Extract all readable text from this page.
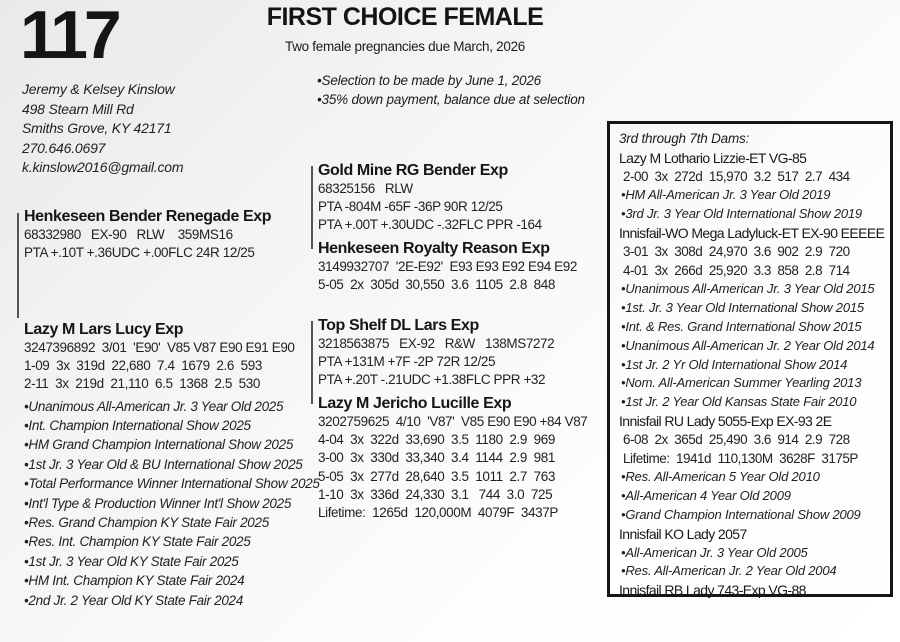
117
Jeremy & Kelsey Kinslow
498 Stearn Mill Rd
Smiths Grove, KY 42171
270.646.0697
k.kinslow2016@gmail.com
FIRST CHOICE FEMALE
Two female pregnancies due March, 2026
•Selection to be made by June 1, 2026
•35% down payment, balance due at selection
Henkeseen Bender Renegade Exp
68332980   EX-90   RLW    359MS16
PTA +.10T +.36UDC +.00FLC 24R 12/25
Lazy M Lars Lucy Exp
3247396892  3/01  'E90'  V85 V87 E90 E91 E90
1-09  3x  319d  22,680  7.4  1679  2.6  593
2-11  3x  219d  21,110  6.5  1368  2.5  530
•Unanimous All-American Jr. 3 Year Old 2025
•Int. Champion International Show 2025
•HM Grand Champion International Show 2025
•1st Jr. 3 Year Old & BU International Show 2025
•Total Performance Winner International Show 2025
•Int'l Type & Production Winner Int'l Show 2025
•Res. Grand Champion KY State Fair 2025
•Res. Int. Champion KY State Fair 2025
•1st Jr. 3 Year Old KY State Fair 2025
•HM Int. Champion KY State Fair 2024
•2nd Jr. 2 Year Old KY State Fair 2024
Gold Mine RG Bender Exp
68325156   RLW
PTA -804M -65F -36P 90R 12/25
PTA +.00T +.30UDC -.32FLC PPR -164
Henkeseen Royalty Reason Exp
3149932707  '2E-E92'  E93 E93 E92 E94 E92
5-05  2x  305d  30,550  3.6  1105  2.8  848
Top Shelf DL Lars Exp
3218563875   EX-92   R&W   138MS7272
PTA +131M +7F -2P 72R 12/25
PTA +.20T -.21UDC +1.38FLC PPR +32
Lazy M Jericho Lucille Exp
3202759625  4/10  'V87'  V85 E90 E90 +84 V87
4-04  3x  322d  33,690  3.5  1180  2.9  969
3-00  3x  330d  33,340  3.4  1144  2.9  981
5-05  3x  277d  28,640  3.5  1011  2.7  763
1-10  3x  336d  24,330  3.1   744  3.0  725
Lifetime:  1265d  120,000M  4079F  3437P
3rd through 7th Dams:
Lazy M Lothario Lizzie-ET VG-85
2-00  3x  272d  15,970  3.2  517  2.7  434
•HM All-American Jr. 3 Year Old 2019
•3rd Jr. 3 Year Old International Show 2019
Innisfail-WO Mega Ladyluck-ET EX-90 EEEEE
3-01  3x  308d  24,970  3.6  902  2.9  720
4-01  3x  266d  25,920  3.3  858  2.8  714
•Unanimous All-American Jr. 3 Year Old 2015
•1st. Jr. 3 Year Old International Show 2015
•Int. & Res. Grand International Show 2015
•Unanimous All-American Jr. 2 Year Old 2014
•1st Jr. 2 Yr Old International Show 2014
•Nom. All-American Summer Yearling 2013
•1st Jr. 2 Year Old Kansas State Fair 2010
Innisfail RU Lady 5055-Exp EX-93 2E
6-08  2x  365d  25,490  3.6  914  2.9  728
Lifetime:  1941d  110,130M  3628F  3175P
•Res. All-American 5 Year Old 2010
•All-American 4 Year Old 2009
•Grand Champion International Show 2009
Innisfail KO Lady 2057
•All-American Jr. 3 Year Old 2005
•Res. All-American Jr. 2 Year Old 2004
Innisfail RB Lady 743-Exp VG-88
